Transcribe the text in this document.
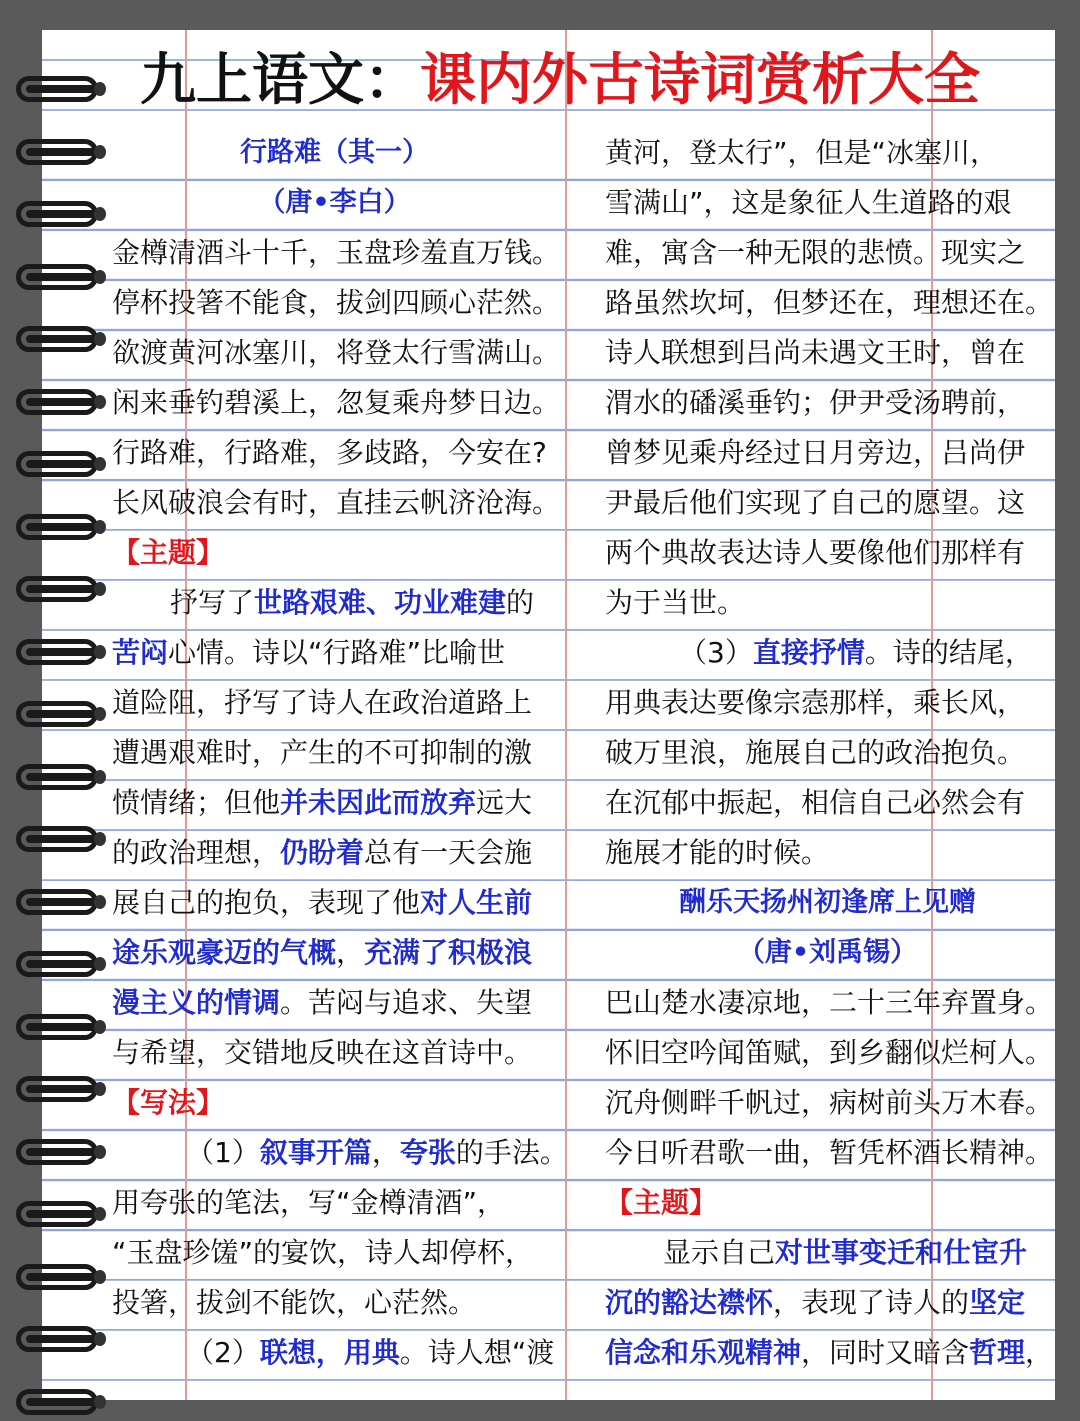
九上语文：课内外古诗词赏析大全
行路难（其一）
（唐•李白）
金樽清酒斗十千，玉盘珍羞直万钱。
停杯投箸不能食，拔剑四顾心茫然。
欲渡黄河冰塞川，将登太行雪满山。
闲来垂钓碧溪上，忽复乘舟梦日边。
行路难，行路难，多歧路，今安在?
长风破浪会有时，直挂云帆济沧海。
【主题】
抒写了世路艰难、功业难建的
苦闷心情。诗以“行路难”比喻世
道险阻，抒写了诗人在政治道路上
遭遇艰难时，产生的不可抑制的激
愤情绪；但他并未因此而放弃远大
的政治理想，仍盼着总有一天会施
展自己的抱负，表现了他对人生前
途乐观豪迈的气概，充满了积极浪
漫主义的情调。苦闷与追求、失望
与希望，交错地反映在这首诗中。
【写法】
（1）叙事开篇，夸张的手法。
用夸张的笔法，写“金樽清酒”，
“玉盘珍馐”的宴饮，诗人却停杯，
投箸，拔剑不能饮，心茫然。
（2）联想，用典。诗人想“渡
黄河，登太行”，但是“冰塞川，
雪满山”，这是象征人生道路的艰
难，寓含一种无限的悲愤。现实之
路虽然坎坷，但梦还在，理想还在。
诗人联想到吕尚未遇文王时，曾在
渭水的磻溪垂钓；伊尹受汤聘前，
曾梦见乘舟经过日月旁边，吕尚伊
尹最后他们实现了自己的愿望。这
两个典故表达诗人要像他们那样有
为于当世。
（3）直接抒情。诗的结尾，
用典表达要像宗悫那样，乘长风，
破万里浪，施展自己的政治抱负。
在沉郁中振起，相信自己必然会有
施展才能的时候。
酬乐天扬州初逢席上见赠
（唐•刘禹锡）
巴山楚水凄凉地，二十三年弃置身。
怀旧空吟闻笛赋，到乡翻似烂柯人。
沉舟侧畔千帆过，病树前头万木春。
今日听君歌一曲，暂凭杯酒长精神。
【主题】
显示自己对世事变迁和仕宦升
沉的豁达襟怀，表现了诗人的坚定
信念和乐观精神，同时又暗含哲理，
